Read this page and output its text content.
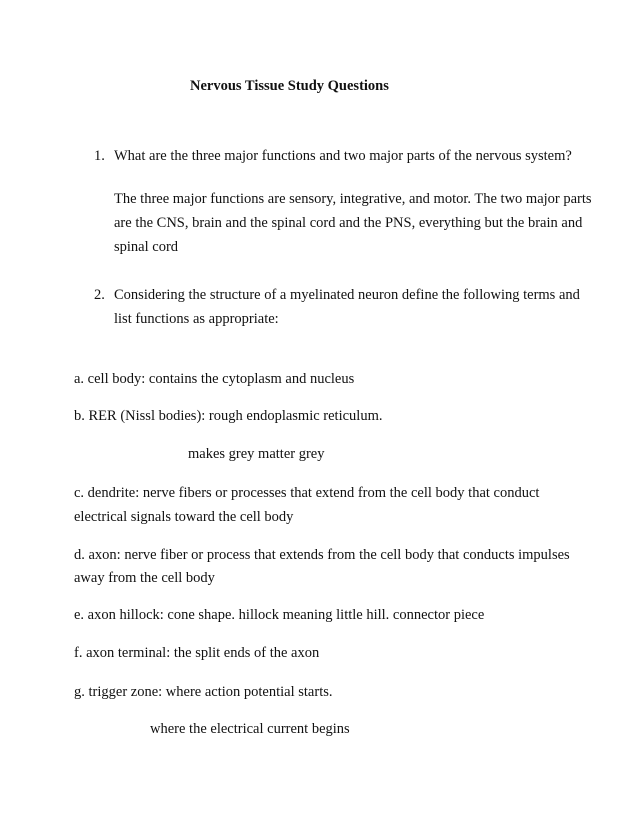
Nervous Tissue Study Questions
1. What are the three major functions and two major parts of the nervous system?
The three major functions are sensory, integrative, and motor. The two major parts
are the CNS, brain and the spinal cord and the PNS, everything but the brain and
spinal cord
2. Considering the structure of a myelinated neuron define the following terms and
list functions as appropriate:
a. cell body: contains the cytoplasm and nucleus
b. RER (Nissl bodies): rough endoplasmic reticulum.
makes grey matter grey
c. dendrite: nerve fibers or processes that extend from the cell body that conduct
electrical signals toward the cell body
d. axon: nerve fiber or process that extends from the cell body that conducts impulses
away from the cell body
e. axon hillock: cone shape. hillock meaning little hill. connector piece
f. axon terminal: the split ends of the axon
g. trigger zone: where action potential starts.
where the electrical current begins
